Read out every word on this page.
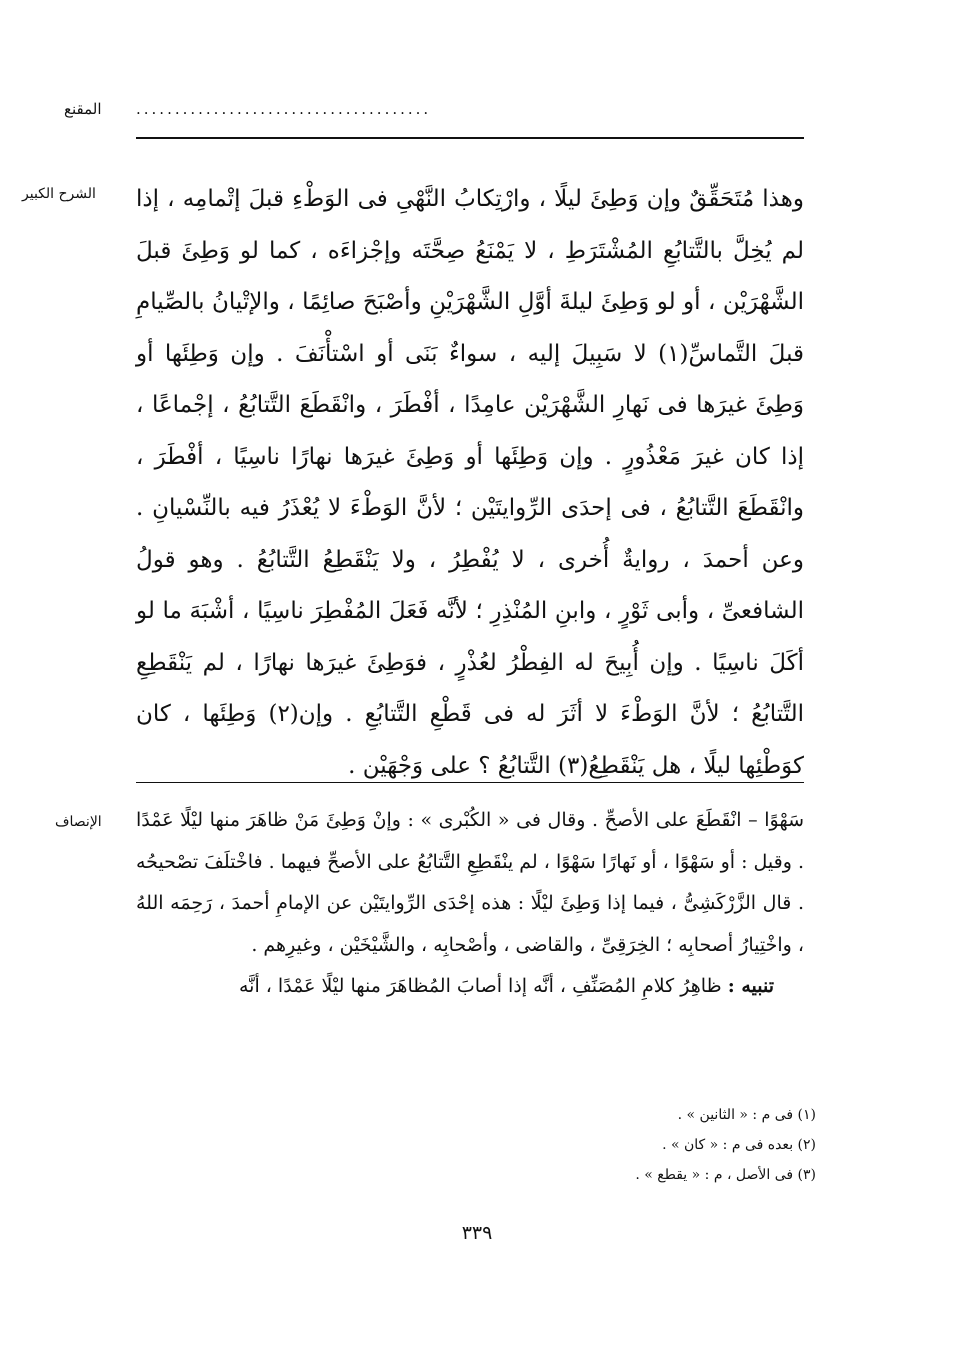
المقنع ......................................
الشرح الكبير وهذا مُتَحَقِّقٌ وإن وَطِئَ ليلًا ، وارْتِكابُ النَّهْىِ فى الوَطْءِ قبلَ إتْمامِه ، إذا لم يُخِلَّ بالتَّتابُعِ المُشْتَرَطِ ، لا يَمْنَعُ صِحَّتَه وإجْزاءَه ، كما لو وَطِئَ قبلَ الشَّهْرَيْن ، أو لو وَطِئَ ليلةَ أوَّلِ الشَّهْرَيْنِ وأصْبَحَ صائِمًا ، والإتْيانُ بالصِّيامِ قبلَ التَّماسِّ(١) لا سَبِيلَ إليه ، سواءٌ بَنَى أو اسْتأْنَفَ . وإن وَطِئَها أو وَطِئَ غيرَها فى نَهارِ الشَّهْرَيْن عامِدًا ، أفْطَرَ ، وانْقَطَعَ التَّتابُعُ ، إجْماعًا ، إذا كان غيرَ مَعْذُورٍ . وإن وَطِئَها أو وَطِئَ غيرَها نهارًا ناسِيًا ، أفْطَرَ ، وانْقَطَعَ التَّتابُعُ ، فى إحدَى الرِّوايتَيْن ؛ لأنَّ الوَطْءَ لا يُعْذَرُ فيه بالنِّسْيانِ . وعن أحمدَ ، روايةٌ أُخرى ، لا يُفْطِرُ ، ولا يَنْقَطِعُ التَّتابُعُ . وهو قولُ الشافعىِّ ، وأبى ثَوْرٍ ، وابنِ المُنْذِرِ ؛ لأنَّه فَعَلَ المُفْطِرَ ناسِيًا ، أشْبَهَ ما لو أكَلَ ناسِيًا . وإن أُبِيحَ له الفِطْرُ لعُذْرٍ ، فوَطِئَ غيرَها نهارًا ، لم يَنْقَطِعِ التَّتابُعُ ؛ لأنَّ الوَطْءَ لا أثَرَ له فى قَطْعِ التَّتابُعِ . وإن(٢) وَطِئَها ، كان كوَطْئِها ليلًا ، هل يَنْقَطِعُ(٣) التَّتابُعُ ؟ على وَجْهَيْن .

الإنصاف سَهْوًا – انْقَطَعَ على الأصحِّ . وقال فى « الكُبْرى » : وإنْ وَطِئَ مَنْ ظاهَرَ منها ليْلًا عَمْدًا . وقيل : أو سَهْوًا ، أو نَهارًا سَهْوًا ، لم ينْقَطِعِ التَّتابُعُ على الأصحِّ فيهما . فاخْتلَفَ تصْحيحُه . قال الزَّرْكَشِىُّ ، فيما إذا وَطِئَ ليْلًا : هذه إحْدَى الرِّوايتَيْن عن الإمامِ أحمدَ ، رَحِمَه اللهُ ، واخْتِيارُ أصحابِه ؛ الخِرَقِىِّ ، والقاضى ، وأصْحابِه ، والشَّيْخَيْن ، وغيرِهم .

تنبيه : ظاهِرُ كلامِ المُصَنِّفِ ، أنَّه إذا أصابَ المُظاهَرَ منها ليْلًا عَمْدًا ، أنَّه

(١) فى م : « الثانين » .
(٢) بعده فى م : « كان » .
(٣) فى الأصل ، م : « يقطع » .
٣٣٩
